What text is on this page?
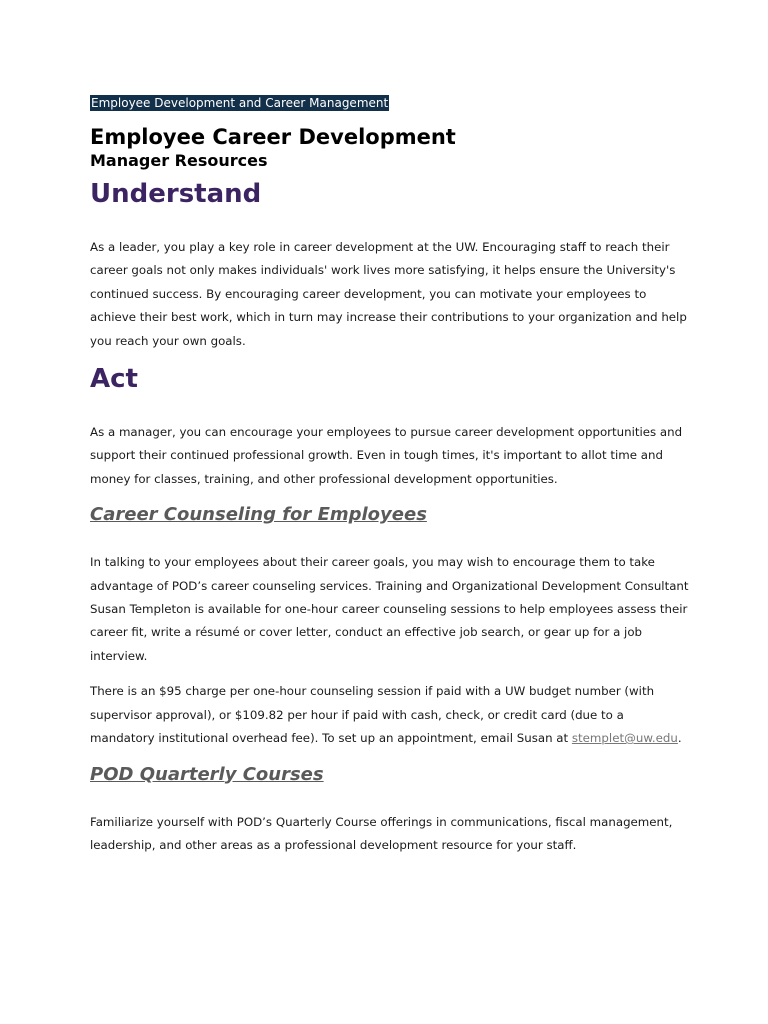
Employee Development and Career Management
Employee Career Development
Manager Resources
Understand

As a leader, you play a key role in career development at the UW. Encouraging staff to reach their career goals not only makes individuals' work lives more satisfying, it helps ensure the University's continued success. By encouraging career development, you can motivate your employees to achieve their best work, which in turn may increase their contributions to your organization and help you reach your own goals.

Act

As a manager, you can encourage your employees to pursue career development opportunities and support their continued professional growth. Even in tough times, it's important to allot time and money for classes, training, and other professional development opportunities.

Career Counseling for Employees

In talking to your employees about their career goals, you may wish to encourage them to take advantage of POD’s career counseling services. Training and Organizational Development Consultant Susan Templeton is available for one-hour career counseling sessions to help employees assess their career fit, write a résumé or cover letter, conduct an effective job search, or gear up for a job interview.

There is an $95 charge per one-hour counseling session if paid with a UW budget number (with supervisor approval), or $109.82 per hour if paid with cash, check, or credit card (due to a mandatory institutional overhead fee). To set up an appointment, email Susan at stemplet@uw.edu.

POD Quarterly Courses

Familiarize yourself with POD’s Quarterly Course offerings in communications, fiscal management, leadership, and other areas as a professional development resource for your staff.
